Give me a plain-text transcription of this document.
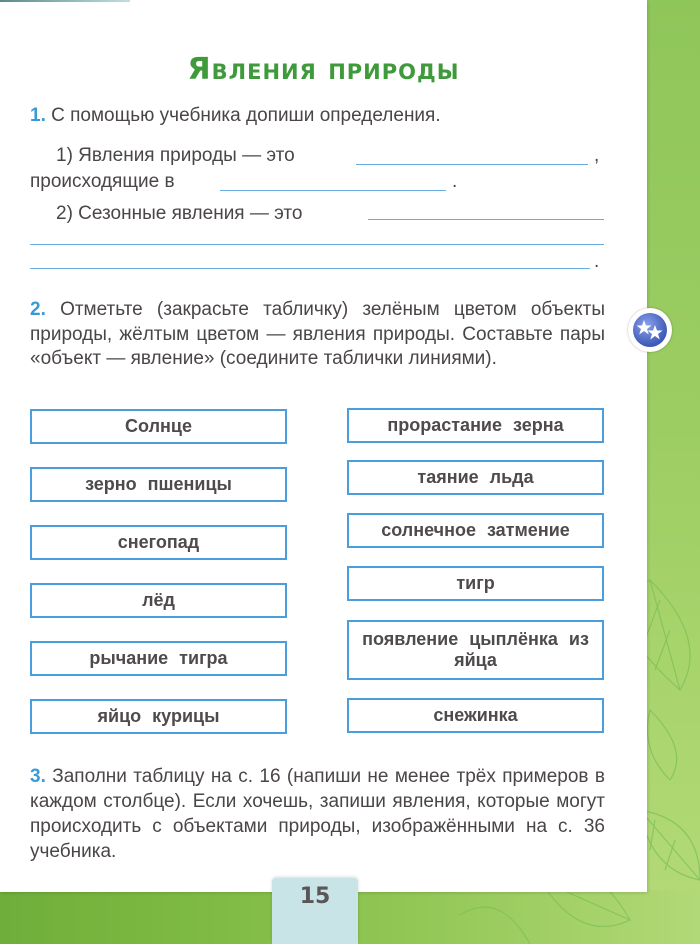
Явления природы
1. С помощью учебника допиши определения.
1) Явления природы — это	,
происходящие в	.
2) Сезонные явления — это
.
2. Отметьте (закрасьте табличку) зелёным цветом объекты природы, жёлтым цветом — явления природы. Составьте пары «объект — явление» (соедините таблички линиями).
Солнце
зерно пшеницы
снегопад
лёд
рычание тигра
яйцо курицы
прорастание зерна
таяние льда
солнечное затмение
тигр
появление цыплёнка из яйца
снежинка
3. Заполни таблицу на с. 16 (напиши не менее трёх примеров в каждом столбце). Если хочешь, запиши явления, которые могут происходить с объектами природы, изображёнными на с. 36 учебника.
15
